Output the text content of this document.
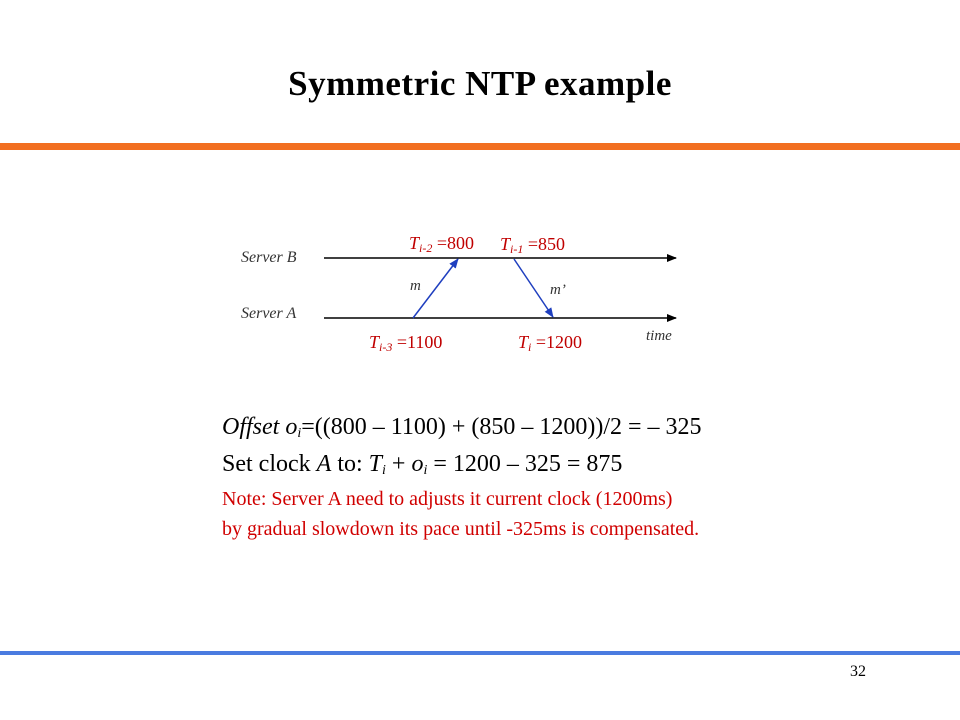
Symmetric NTP example
Server B
Server A
m	m’
time
Ti-2 =800 Ti-1 =850
Ti-3 =1100	Ti =1200
Offset $o_i=((800 - 1100) + (850 - 1200))/2$ = – 325
Set clock A to: $T_i + o_i = 1200 - 325 = 875$
Note: Server A need to adjusts it current clock (1200ms)
by gradual slowdown its pace until -325ms is compensated.
32
